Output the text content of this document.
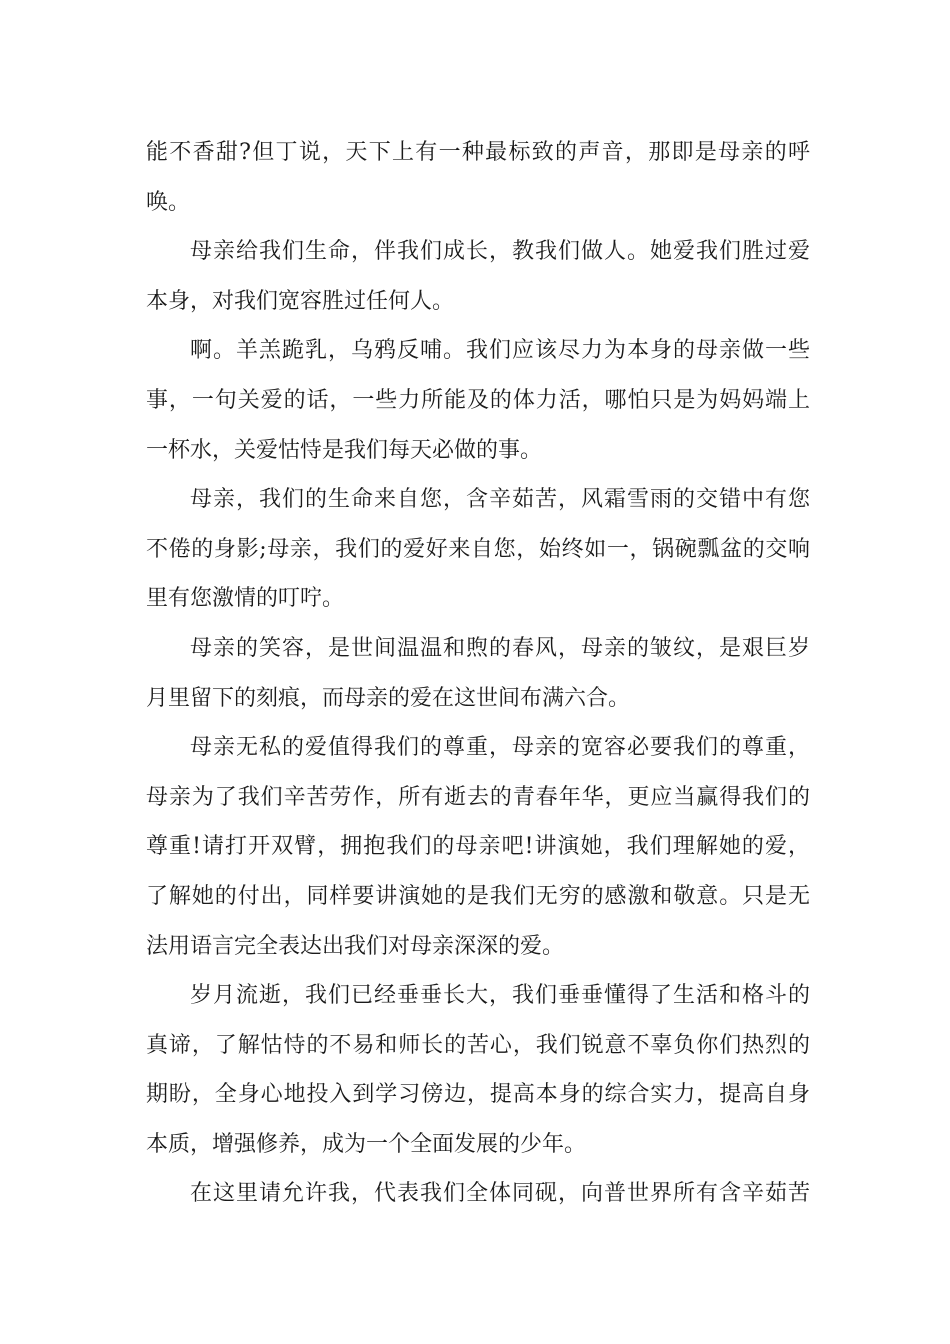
能不香甜?但丁说，天下上有一种最标致的声音，那即是母亲的呼
唤。
母亲给我们生命，伴我们成长，教我们做人。她爱我们胜过爱
本身，对我们宽容胜过任何人。
啊。羊羔跪乳，乌鸦反哺。我们应该尽力为本身的母亲做一些
事，一句关爱的话，一些力所能及的体力活，哪怕只是为妈妈端上
一杯水，关爱怙恃是我们每天必做的事。
母亲，我们的生命来自您，含辛茹苦，风霜雪雨的交错中有您
不倦的身影;母亲，我们的爱好来自您，始终如一，锅碗瓢盆的交响
里有您激情的叮咛。
母亲的笑容，是世间温温和煦的春风，母亲的皱纹，是艰巨岁
月里留下的刻痕，而母亲的爱在这世间布满六合。
母亲无私的爱值得我们的尊重，母亲的宽容必要我们的尊重，
母亲为了我们辛苦劳作，所有逝去的青春年华，更应当赢得我们的
尊重!请打开双臂，拥抱我们的母亲吧!讲演她，我们理解她的爱，
了解她的付出，同样要讲演她的是我们无穷的感激和敬意。只是无
法用语言完全表达出我们对母亲深深的爱。
岁月流逝，我们已经垂垂长大，我们垂垂懂得了生活和格斗的
真谛，了解怙恃的不易和师长的苦心，我们锐意不辜负你们热烈的
期盼，全身心地投入到学习傍边，提高本身的综合实力，提高自身
本质，增强修养，成为一个全面发展的少年。
在这里请允许我，代表我们全体同砚，向普世界所有含辛茹苦
